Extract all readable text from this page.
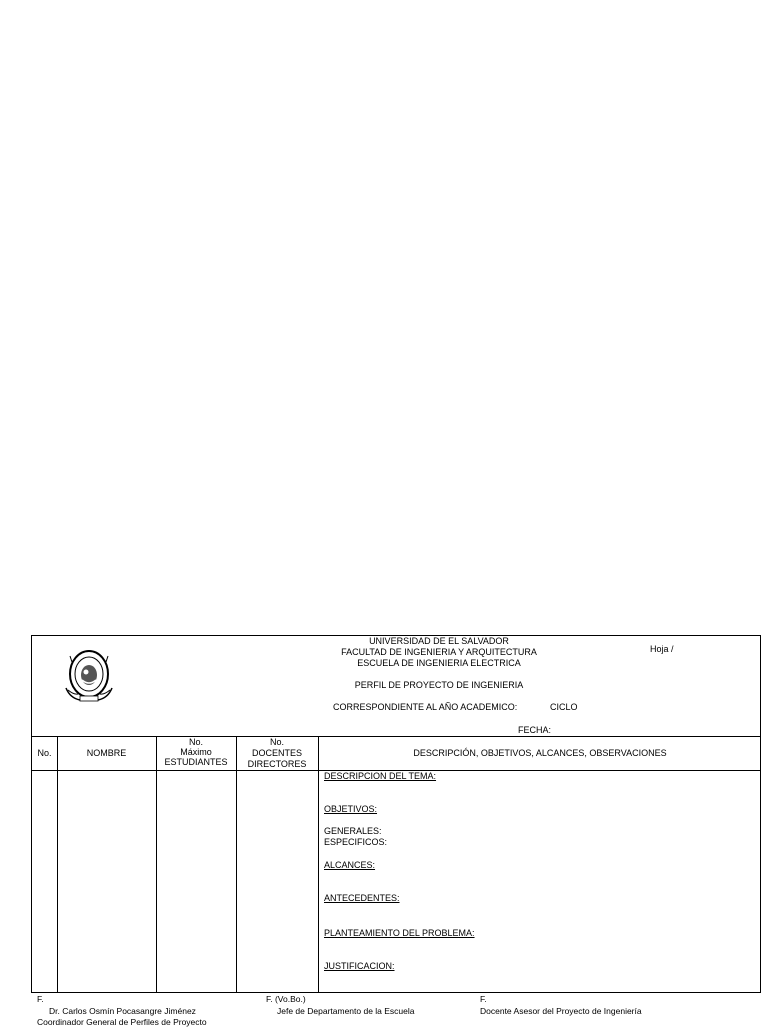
UNIVERSIDAD DE EL SALVADOR
FACULTAD DE INGENIERIA Y ARQUITECTURA
ESCUELA DE INGENIERIA ELECTRICA
PERFIL DE PROYECTO DE INGENIERIA
CORRESPONDIENTE AL AÑO ACADEMICO:	CICLO
FECHA:
Hoja /
No.	NOMBRE
No.
Máximo
ESTUDIANTES
No.
DOCENTES
DIRECTORES
DESCRIPCIÓN, OBJETIVOS, ALCANCES, OBSERVACIONES
DESCRIPCION DEL TEMA:
OBJETIVOS:
GENERALES:
ESPECIFICOS:
ALCANCES:
ANTECEDENTES:
PLANTEAMIENTO DEL PROBLEMA:
JUSTIFICACION:
F.
Dr. Carlos Osmín Pocasangre Jiménez
Coordinador General de Perfiles de Proyecto
F. (Vo.Bo.)
Jefe de Departamento de la Escuela
F.
Docente Asesor del Proyecto de Ingeniería
